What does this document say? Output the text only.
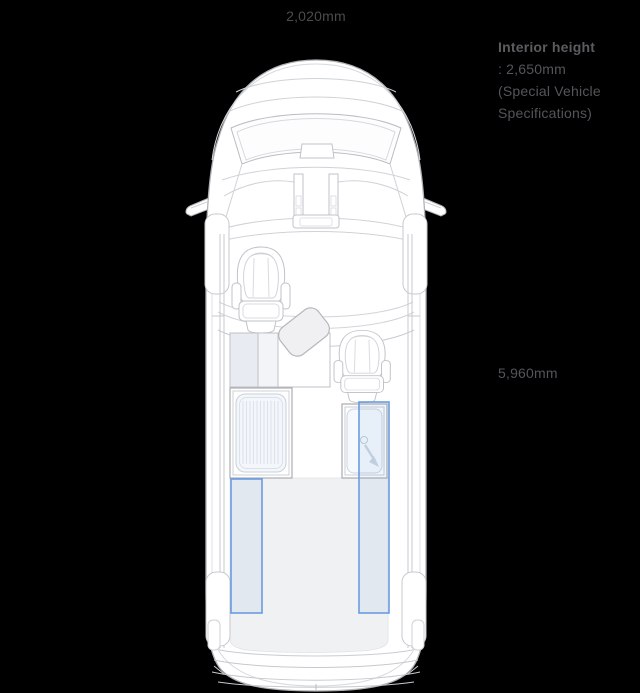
2,020mm
Interior height
: 2,650mm
(Special Vehicle
Specifications)
5,960mm
